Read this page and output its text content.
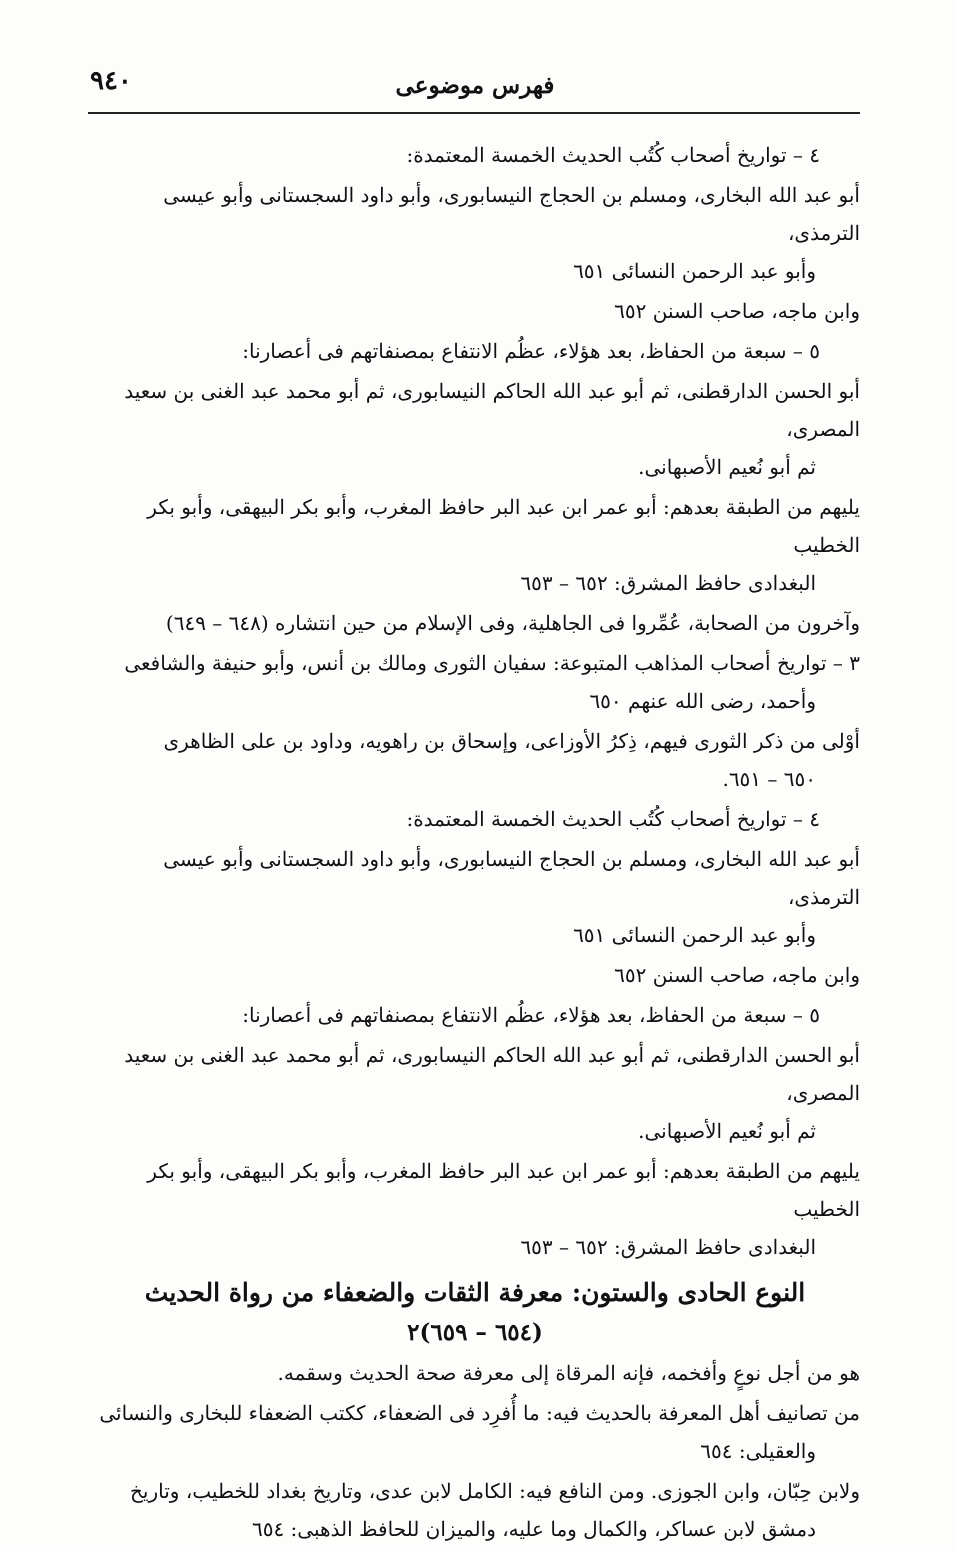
٩٤٠	فهرس موضوعى
٤ – تواريخ أصحاب كُتُب الحديث الخمسة المعتمدة:
أبو عبد الله البخارى، ومسلم بن الحجاج النيسابورى، وأبو داود السجستانى وأبو عيسى الترمذى،
وأبو عبد الرحمن النسائى ٦٥١
وابن ماجه، صاحب السنن ٦٥٢
٥ – سبعة من الحفاظ، بعد هؤلاء، عظُم الانتفاع بمصنفاتهم فى أعصارنا:
أبو الحسن الدارقطنى، ثم أبو عبد الله الحاكم النيسابورى، ثم أبو محمد عبد الغنى بن سعيد المصرى،
ثم أبو نُعيم الأصبهانى.
يليهم من الطبقة بعدهم: أبو عمر ابن عبد البر حافظ المغرب، وأبو بكر البيهقى، وأبو بكر الخطيب
البغدادى حافظ المشرق: ٦٥٢ – ٦٥٣
وآخرون من الصحابة، عُمِّروا فى الجاهلية، وفى الإسلام من حين انتشاره (٦٤٨ – ٦٤٩)
٣ – تواريخ أصحاب المذاهب المتبوعة: سفيان الثورى ومالك بن أنس، وأبو حنيفة والشافعى
وأحمد، رضى الله عنهم ٦٥٠
أوْلى من ذكر الثورى فيهم، ذِكرُ الأوزاعى، وإسحاق بن راهويه، وداود بن على الظاهرى
٦٥٠ – ٦٥١.
٤ – تواريخ أصحاب كُتُب الحديث الخمسة المعتمدة:
أبو عبد الله البخارى، ومسلم بن الحجاج النيسابورى، وأبو داود السجستانى وأبو عيسى الترمذى،
وأبو عبد الرحمن النسائى ٦٥١
وابن ماجه، صاحب السنن ٦٥٢
٥ – سبعة من الحفاظ، بعد هؤلاء، عظُم الانتفاع بمصنفاتهم فى أعصارنا:
أبو الحسن الدارقطنى، ثم أبو عبد الله الحاكم النيسابورى، ثم أبو محمد عبد الغنى بن سعيد المصرى،
ثم أبو نُعيم الأصبهانى.
يليهم من الطبقة بعدهم: أبو عمر ابن عبد البر حافظ المغرب، وأبو بكر البيهقى، وأبو بكر الخطيب
البغدادى حافظ المشرق: ٦٥٢ – ٦٥٣
النوع الحادى والستون: معرفة الثقات والضعفاء من رواة الحديث
(٦٥٤ – ٦٥٩)٢
هو من أجل نوعٍ وأفخمه، فإنه المرقاة إلى معرفة صحة الحديث وسقمه.
من تصانيف أهل المعرفة بالحديث فيه: ما أُفرِد فى الضعفاء، ككتب الضعفاء للبخارى والنسائى
والعقيلى: ٦٥٤
ولابن حِبّان، وابن الجوزى. ومن النافع فيه: الكامل لابن عدى، وتاريخ بغداد للخطيب، وتاريخ
دمشق لابن عساكر، والكمال وما عليه، والميزان للحافظ الذهبى: ٦٥٤
